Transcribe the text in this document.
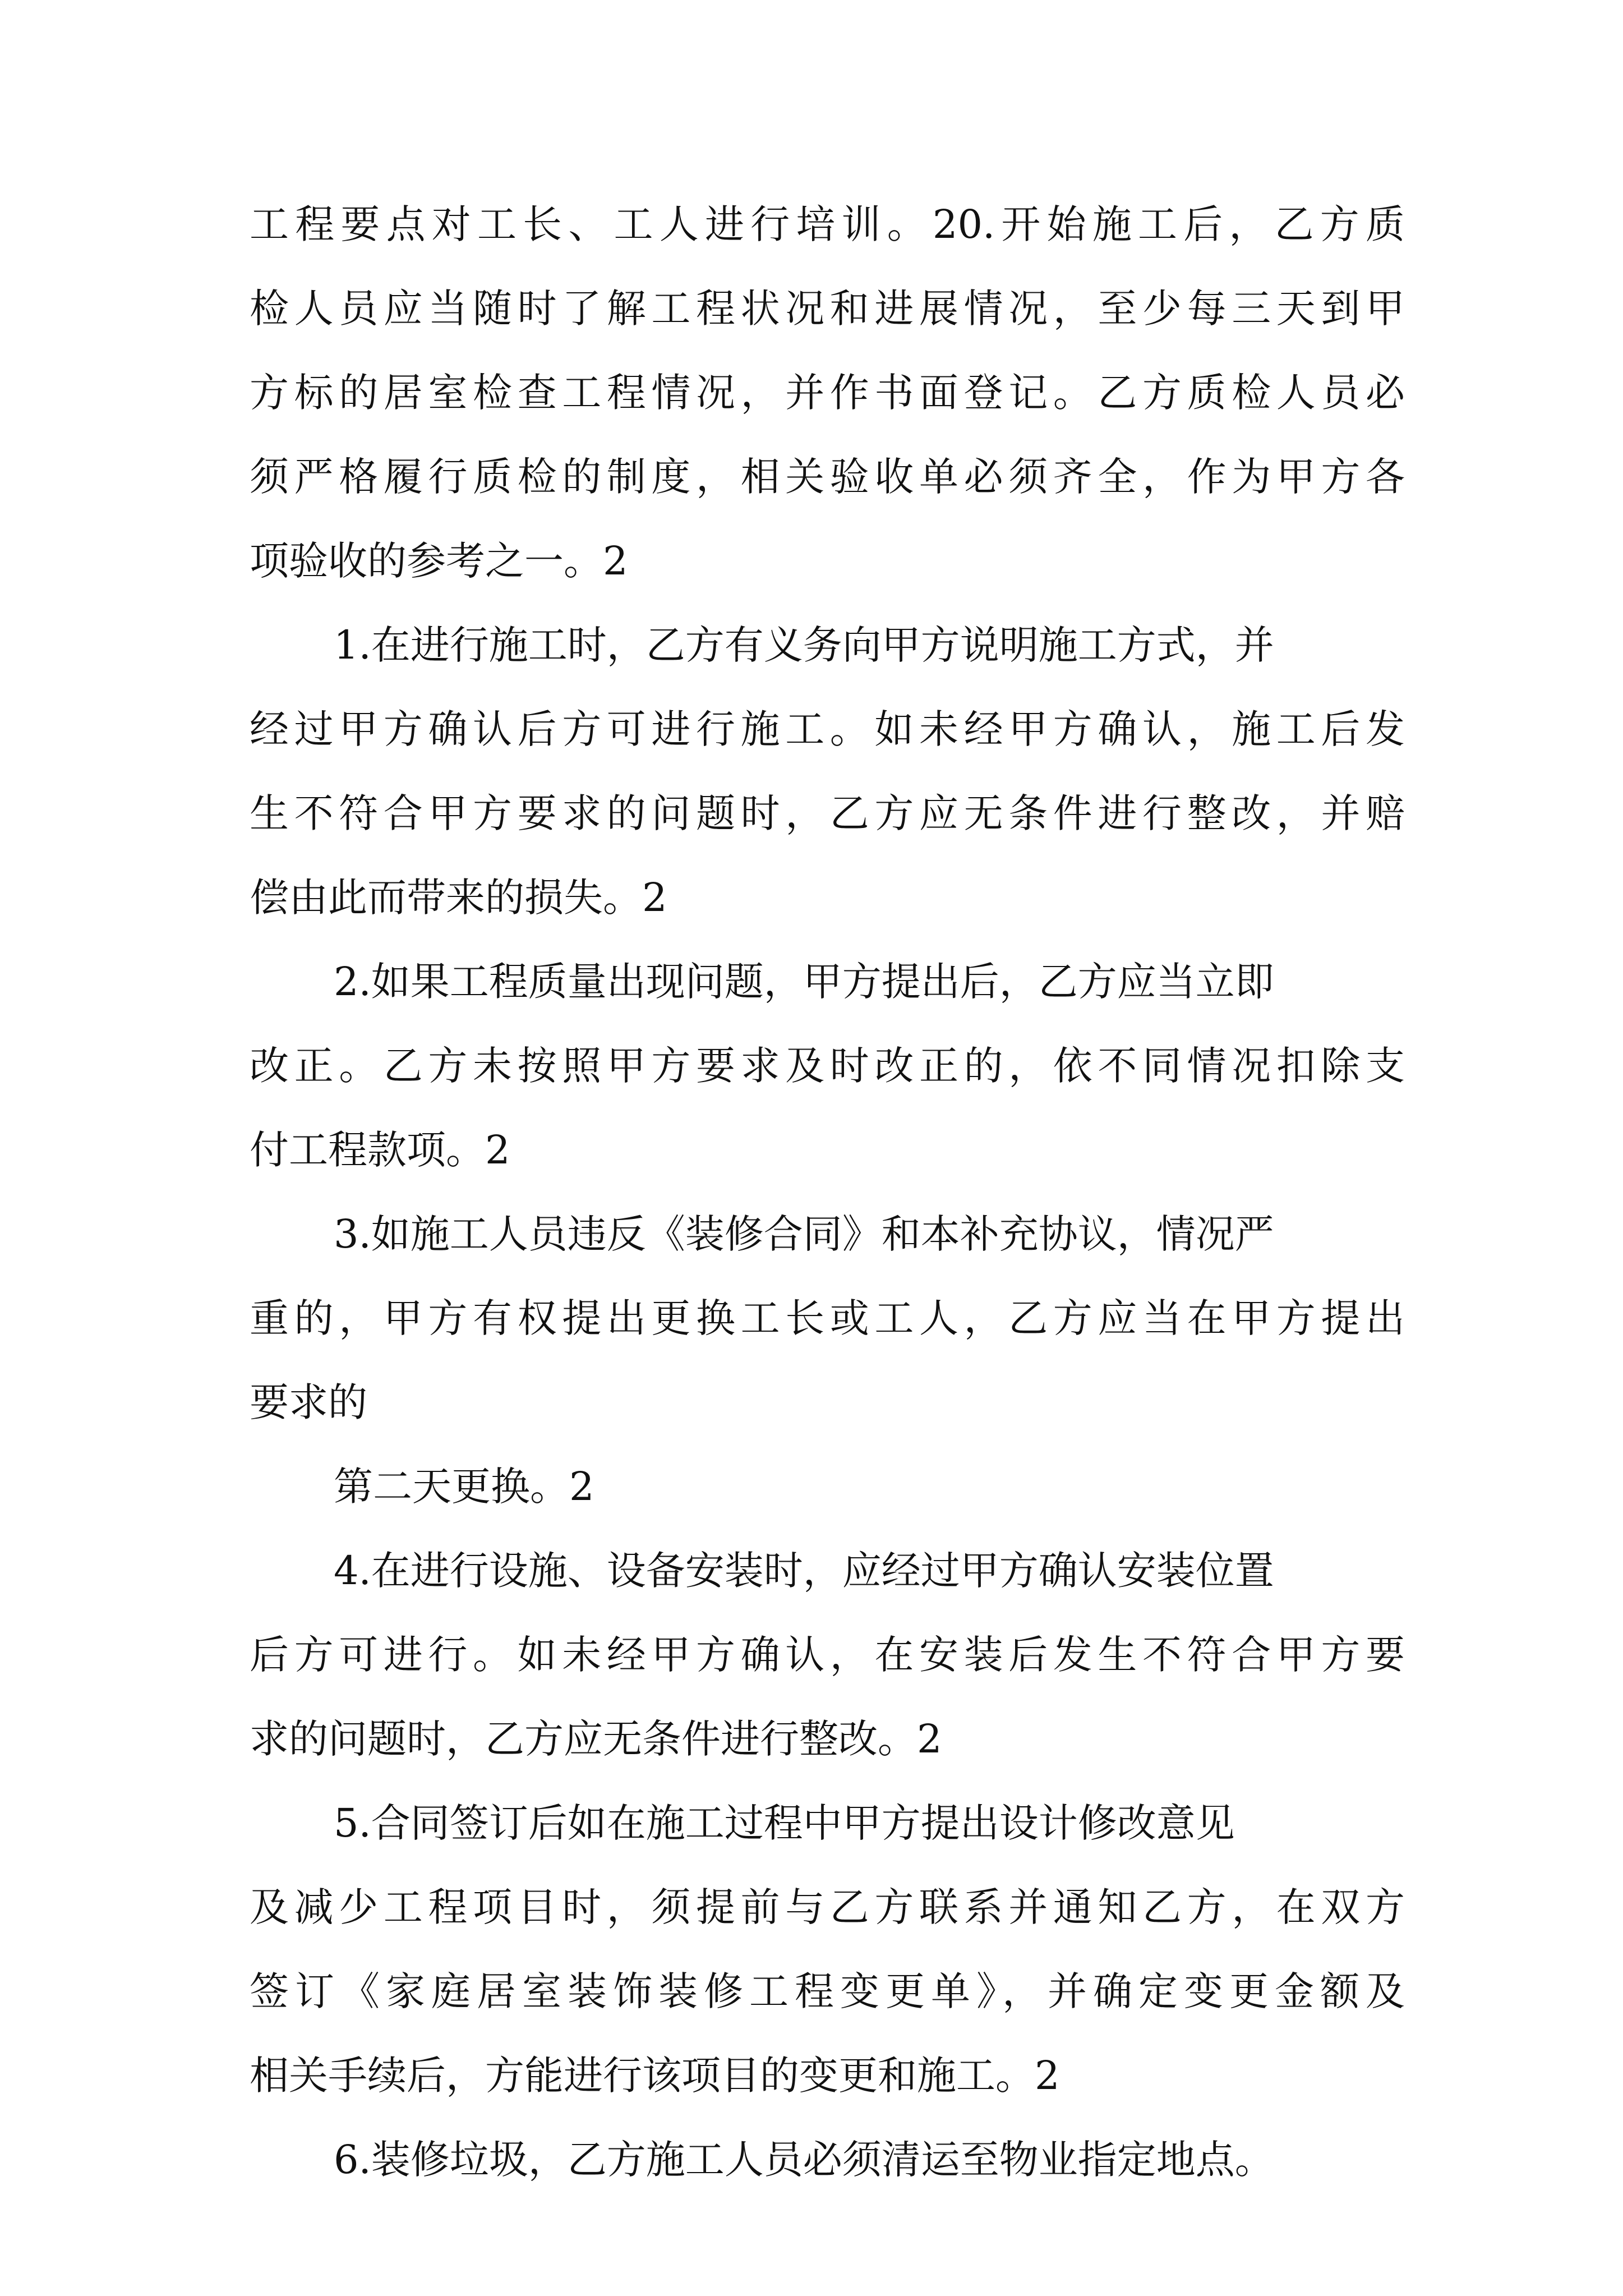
工程要点对工长、工人进行培训。20.开始施工后，乙方质
检人员应当随时了解工程状况和进展情况，至少每三天到甲
方标的居室检查工程情况，并作书面登记。乙方质检人员必
须严格履行质检的制度，相关验收单必须齐全，作为甲方各
项验收的参考之一。2
1.在进行施工时，乙方有义务向甲方说明施工方式，并
经过甲方确认后方可进行施工。如未经甲方确认，施工后发
生不符合甲方要求的问题时，乙方应无条件进行整改，并赔
偿由此而带来的损失。2
2.如果工程质量出现问题，甲方提出后，乙方应当立即
改正。乙方未按照甲方要求及时改正的，依不同情况扣除支
付工程款项。2
3.如施工人员违反《装修合同》和本补充协议，情况严
重的，甲方有权提出更换工长或工人，乙方应当在甲方提出
要求的
第二天更换。2
4.在进行设施、设备安装时，应经过甲方确认安装位置
后方可进行。如未经甲方确认，在安装后发生不符合甲方要
求的问题时，乙方应无条件进行整改。2
5.合同签订后如在施工过程中甲方提出设计修改意见
及减少工程项目时，须提前与乙方联系并通知乙方，在双方
签订《家庭居室装饰装修工程变更单》，并确定变更金额及
相关手续后，方能进行该项目的变更和施工。2
6.装修垃圾，乙方施工人员必须清运至物业指定地点。
